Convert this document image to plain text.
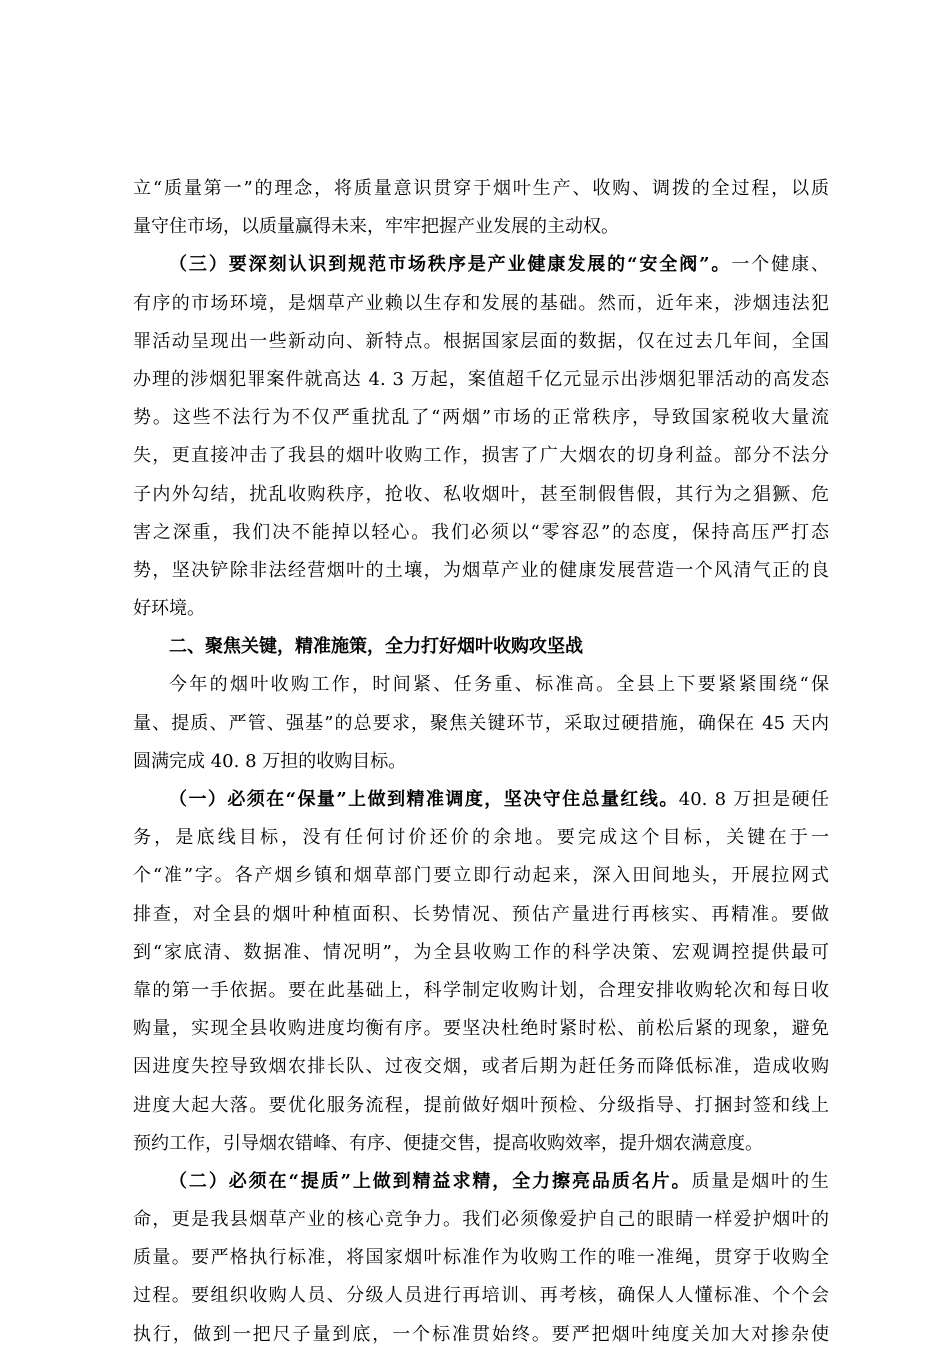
立“质量第一”的理念，将质量意识贯穿于烟叶生产、收购、调拨的全过程，以质
量守住市场，以质量赢得未来，牢牢把握产业发展的主动权。
（三）要深刻认识到规范市场秩序是产业健康发展的“安全阀”。一个健康、
有序的市场环境，是烟草产业赖以生存和发展的基础。然而，近年来，涉烟违法犯
罪活动呈现出一些新动向、新特点。根据国家层面的数据，仅在过去几年间，全国
办理的涉烟犯罪案件就高达 4. 3 万起，案值超千亿元显示出涉烟犯罪活动的高发态
势。这些不法行为不仅严重扰乱了“两烟”市场的正常秩序，导致国家税收大量流
失，更直接冲击了我县的烟叶收购工作，损害了广大烟农的切身利益。部分不法分
子内外勾结，扰乱收购秩序，抢收、私收烟叶，甚至制假售假，其行为之猖獗、危
害之深重，我们决不能掉以轻心。我们必须以“零容忍”的态度，保持高压严打态
势，坚决铲除非法经营烟叶的土壤，为烟草产业的健康发展营造一个风清气正的良
好环境。
二、聚焦关键，精准施策，全力打好烟叶收购攻坚战
今年的烟叶收购工作，时间紧、任务重、标准高。全县上下要紧紧围绕“保
量、提质、严管、强基”的总要求，聚焦关键环节，采取过硬措施，确保在 45 天内
圆满完成 40. 8 万担的收购目标。
（一）必须在“保量”上做到精准调度，坚决守住总量红线。40. 8 万担是硬任
务，是底线目标，没有任何讨价还价的余地。要完成这个目标，关键在于一
个“准”字。各产烟乡镇和烟草部门要立即行动起来，深入田间地头，开展拉网式
排查，对全县的烟叶种植面积、长势情况、预估产量进行再核实、再精准。要做
到“家底清、数据准、情况明”，为全县收购工作的科学决策、宏观调控提供最可
靠的第一手依据。要在此基础上，科学制定收购计划，合理安排收购轮次和每日收
购量，实现全县收购进度均衡有序。要坚决杜绝时紧时松、前松后紧的现象，避免
因进度失控导致烟农排长队、过夜交烟，或者后期为赶任务而降低标准，造成收购
进度大起大落。要优化服务流程，提前做好烟叶预检、分级指导、打捆封签和线上
预约工作，引导烟农错峰、有序、便捷交售，提高收购效率，提升烟农满意度。
（二）必须在“提质”上做到精益求精，全力擦亮品质名片。质量是烟叶的生
命，更是我县烟草产业的核心竞争力。我们必须像爱护自己的眼睛一样爱护烟叶的
质量。要严格执行标准，将国家烟叶标准作为收购工作的唯一准绳，贯穿于收购全
过程。要组织收购人员、分级人员进行再培训、再考核，确保人人懂标准、个个会
执行，做到一把尺子量到底，一个标准贯始终。要严把烟叶纯度关加大对掺杂使
